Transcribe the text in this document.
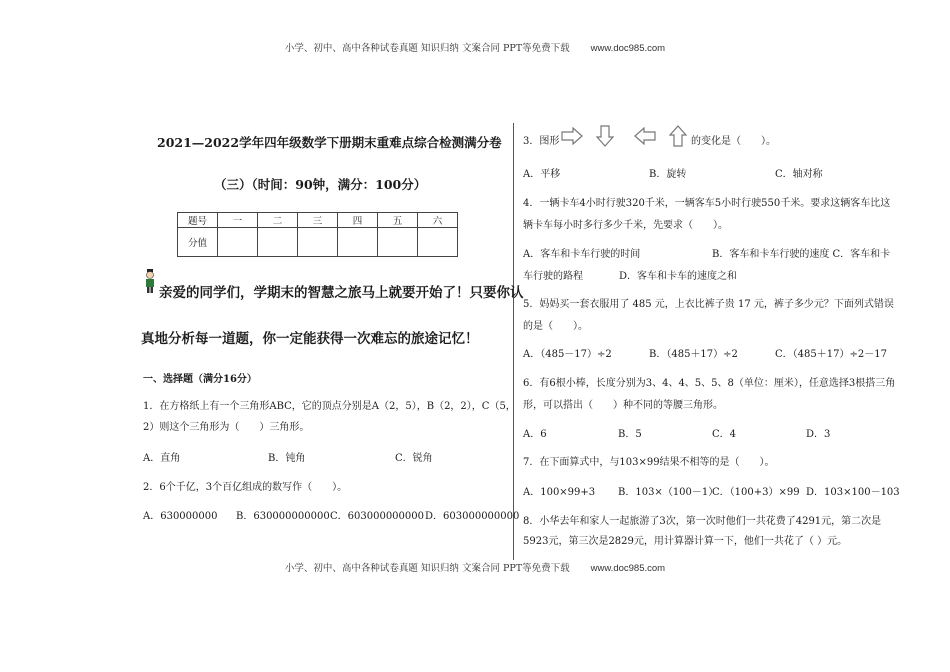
小学、初中、高中各种试卷真题 知识归纳 文案合同 PPT等免费下载 www.doc985.com
2021—2022学年四年级数学下册期末重难点综合检测满分卷
（三）（时间：90钟，满分：100分）
题号	一	二	三	四	五	六
分值						
亲爱的同学们，学期末的智慧之旅马上就要开始了！只要你认
真地分析每一道题，你一定能获得一次难忘的旅途记忆！
一、选择题（满分16分）
1．在方格纸上有一个三角形ABC，它的顶点分别是A（2，5），B（2，2），C（5，
2）则这个三角形为（　　）三角形。
A．直角	B．钝角	C．锐角
2．6个千亿，3个百亿组成的数写作（　　）。
A．630000000 B．630000000000 C．603000000000 D．603000000000
3．图形	的变化是（　　）。
A．平移	B．旋转	C．轴对称
4．一辆卡车4小时行驶320千米，一辆客车5小时行驶550千米。要求这辆客车比这
辆卡车每小时多行多少千米，先要求（　　）。
A．客车和卡车行驶的时间	B．客车和卡车行驶的速度 C．客车和卡
车行驶的路程	D．客车和卡车的速度之和
5．妈妈买一套衣服用了 485 元，上衣比裤子贵 17 元，裤子多少元？下面列式错误
的是（　　）。
A．（485－17）÷2	B．（485＋17）÷2	C．（485＋17）÷2－17
6．有6根小棒，长度分别为3、4、4、5、5、8（单位：厘米），任意选择3根搭三角
形，可以搭出（　　）种不同的等腰三角形。
A．6	B．5	C．4	D．3
7．在下面算式中，与103×99结果不相等的是（　　）。
A．100×99+3 B．103×（100－1）
C．（100+3）×99 D．103×100－103
8．小华去年和家人一起旅游了3次，第一次时他们一共花费了4291元，第二次是
5923元，第三次是2829元，用计算器计算一下，他们一共花了（ ）元。
小学、初中、高中各种试卷真题 知识归纳 文案合同 PPT等免费下载 www.doc985.com
